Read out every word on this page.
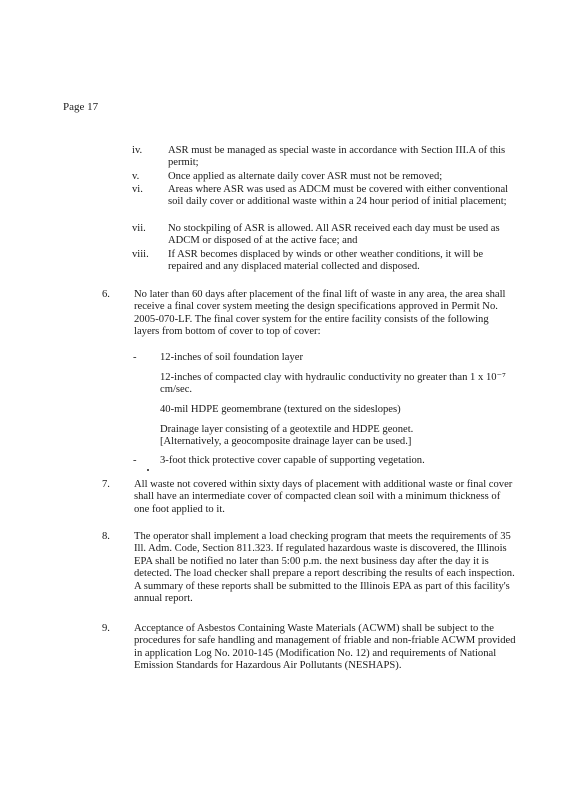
Page 17
iv. ASR must be managed as special waste in accordance with Section III.A of this permit;
v.	Once applied as alternate daily cover ASR must not be removed;
vi. Areas where ASR was used as ADCM must be covered with either conventional soil daily cover or additional waste within a 24 hour period of initial placement;
vii. No stockpiling of ASR is allowed. All ASR received each day must be used as ADCM or disposed of at the active face; and
viii. If ASR becomes displaced by winds or other weather conditions, it will be repaired and any displaced material collected and disposed.
6. No later than 60 days after placement of the final lift of waste in any area, the area shall receive a final cover system meeting the design specifications approved in Permit No. 2005-070-LF. The final cover system for the entire facility consists of the following layers from bottom of cover to top of cover:
- 12-inches of soil foundation layer
12-inches of compacted clay with hydraulic conductivity no greater than 1 x 10⁻⁷ cm/sec.
40-mil HDPE geomembrane (textured on the sideslopes)
Drainage layer consisting of a geotextile and HDPE geonet.
[Alternatively, a geocomposite drainage layer can be used.]
- 3-foot thick protective cover capable of supporting vegetation.
7. All waste not covered within sixty days of placement with additional waste or final cover shall have an intermediate cover of compacted clean soil with a minimum thickness of one foot applied to it.
8. The operator shall implement a load checking program that meets the requirements of 35 Ill. Adm. Code, Section 811.323. If regulated hazardous waste is discovered, the Illinois EPA shall be notified no later than 5:00 p.m. the next business day after the day it is detected. The load checker shall prepare a report describing the results of each inspection. A summary of these reports shall be submitted to the Illinois EPA as part of this facility's annual report.
9. Acceptance of Asbestos Containing Waste Materials (ACWM) shall be subject to the procedures for safe handling and management of friable and non-friable ACWM provided in application Log No. 2010-145 (Modification No. 12) and requirements of National Emission Standards for Hazardous Air Pollutants (NESHAPS).
